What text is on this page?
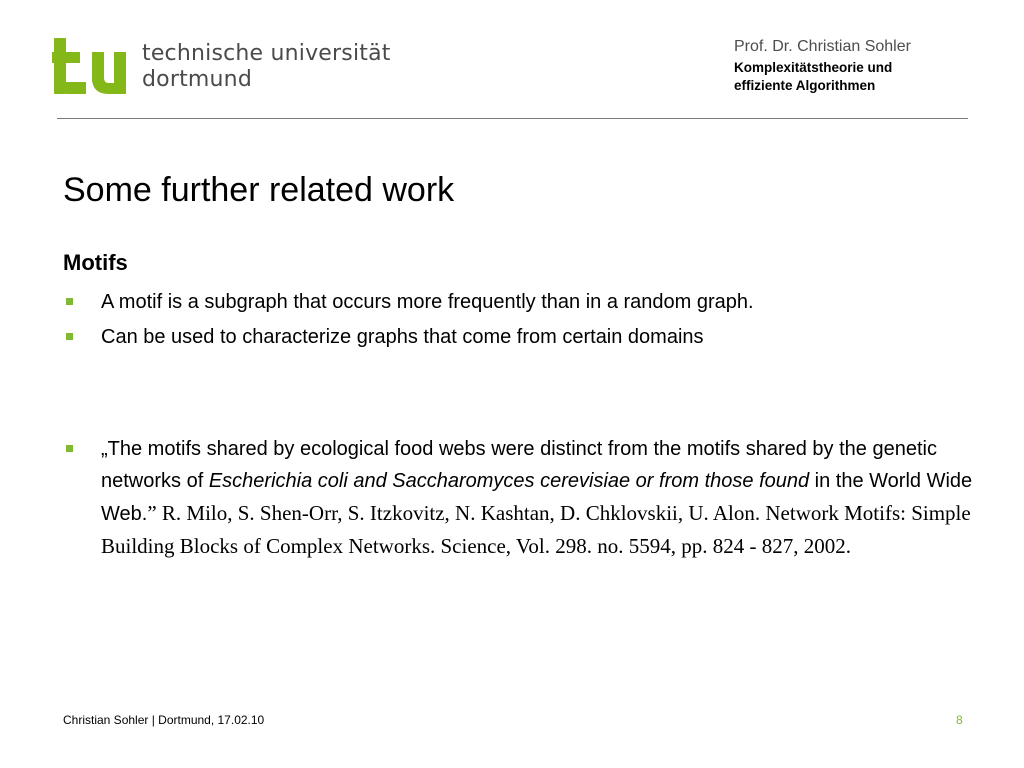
technische universität
dortmund
Prof. Dr. Christian Sohler
Komplexitätstheorie und
effiziente Algorithmen
Some further related work
Motifs
A motif is a subgraph that occurs more frequently than in a random graph.
Can be used to characterize graphs that come from certain domains
„The motifs shared by ecological food webs were distinct from the motifs shared by the genetic networks of Escherichia coli and Saccharomyces cerevisiae or from those found in the World Wide Web.” R. Milo, S. Shen-Orr, S. Itzkovitz, N. Kashtan, D. Chklovskii, U. Alon. Network Motifs: Simple Building Blocks of Complex Networks. Science, Vol. 298. no. 5594, pp. 824 - 827, 2002.
Christian Sohler | Dortmund, 17.02.10	8
